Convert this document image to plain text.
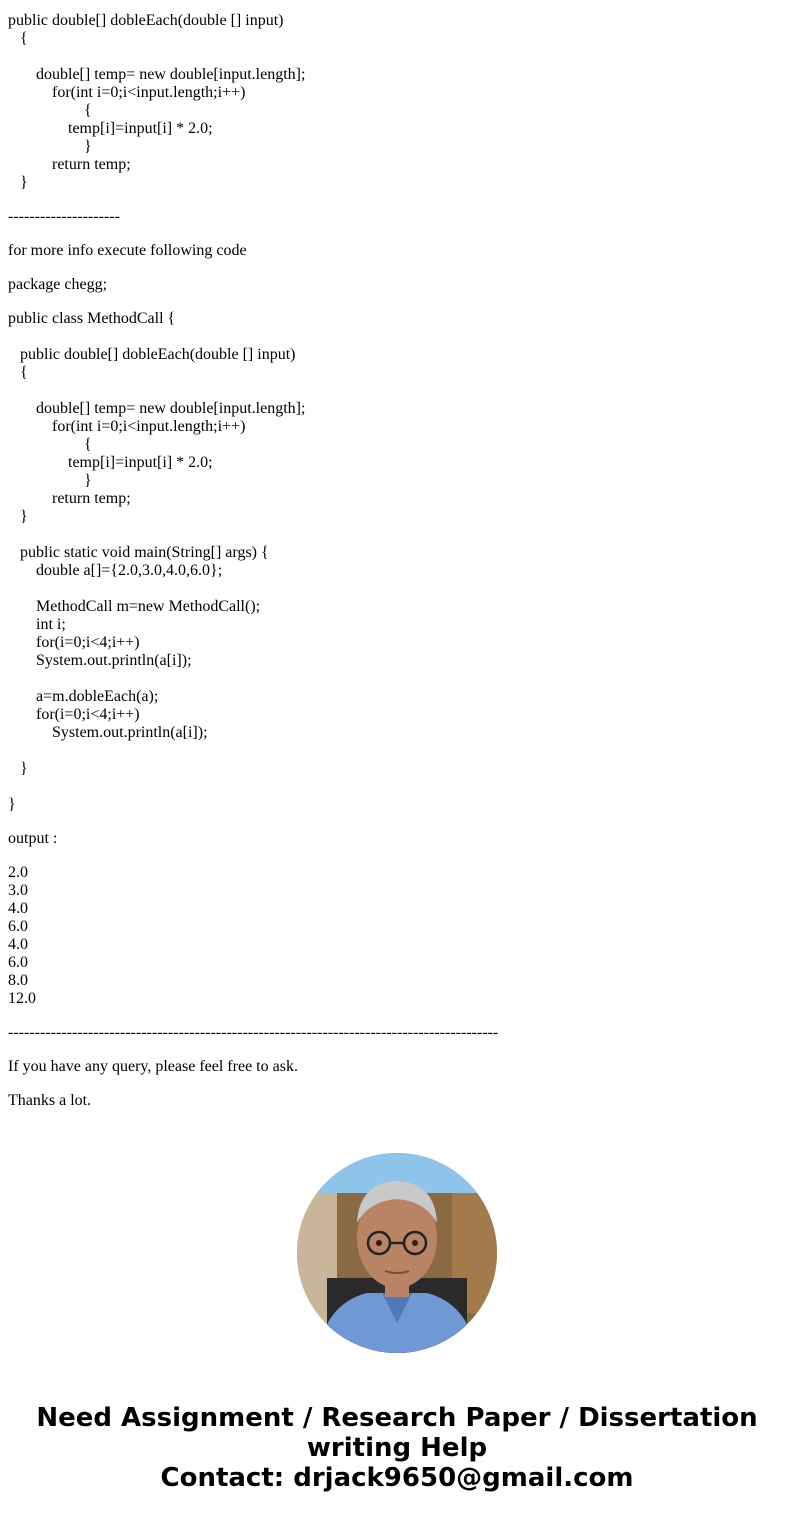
public double[] dobleEach(double [] input)
{
double[] temp= new double[input.length];
for(int i=0;i<input.length;i++)
{
temp[i]=input[i] * 2.0;
}
return temp;
}
---------------------
for more info execute following code
package chegg;
public class MethodCall {
public double[] dobleEach(double [] input)
{
double[] temp= new double[input.length];
for(int i=0;i<input.length;i++)
{
temp[i]=input[i] * 2.0;
}
return temp;
}
public static void main(String[] args) {
double a[]={2.0,3.0,4.0,6.0};
MethodCall m=new MethodCall();
int i;
for(i=0;i<4;i++)
System.out.println(a[i]);
a=m.dobleEach(a);
for(i=0;i<4;i++)
System.out.println(a[i]);
}
}
output :
2.0
3.0
4.0
6.0
4.0
6.0
8.0
12.0
--------------------------------------------------------------------------------------------
If you have any query, please feel free to ask.
Thanks a lot.
Need Assignment / Research Paper / Dissertation
writing Help
Contact: drjack9650@gmail.com
